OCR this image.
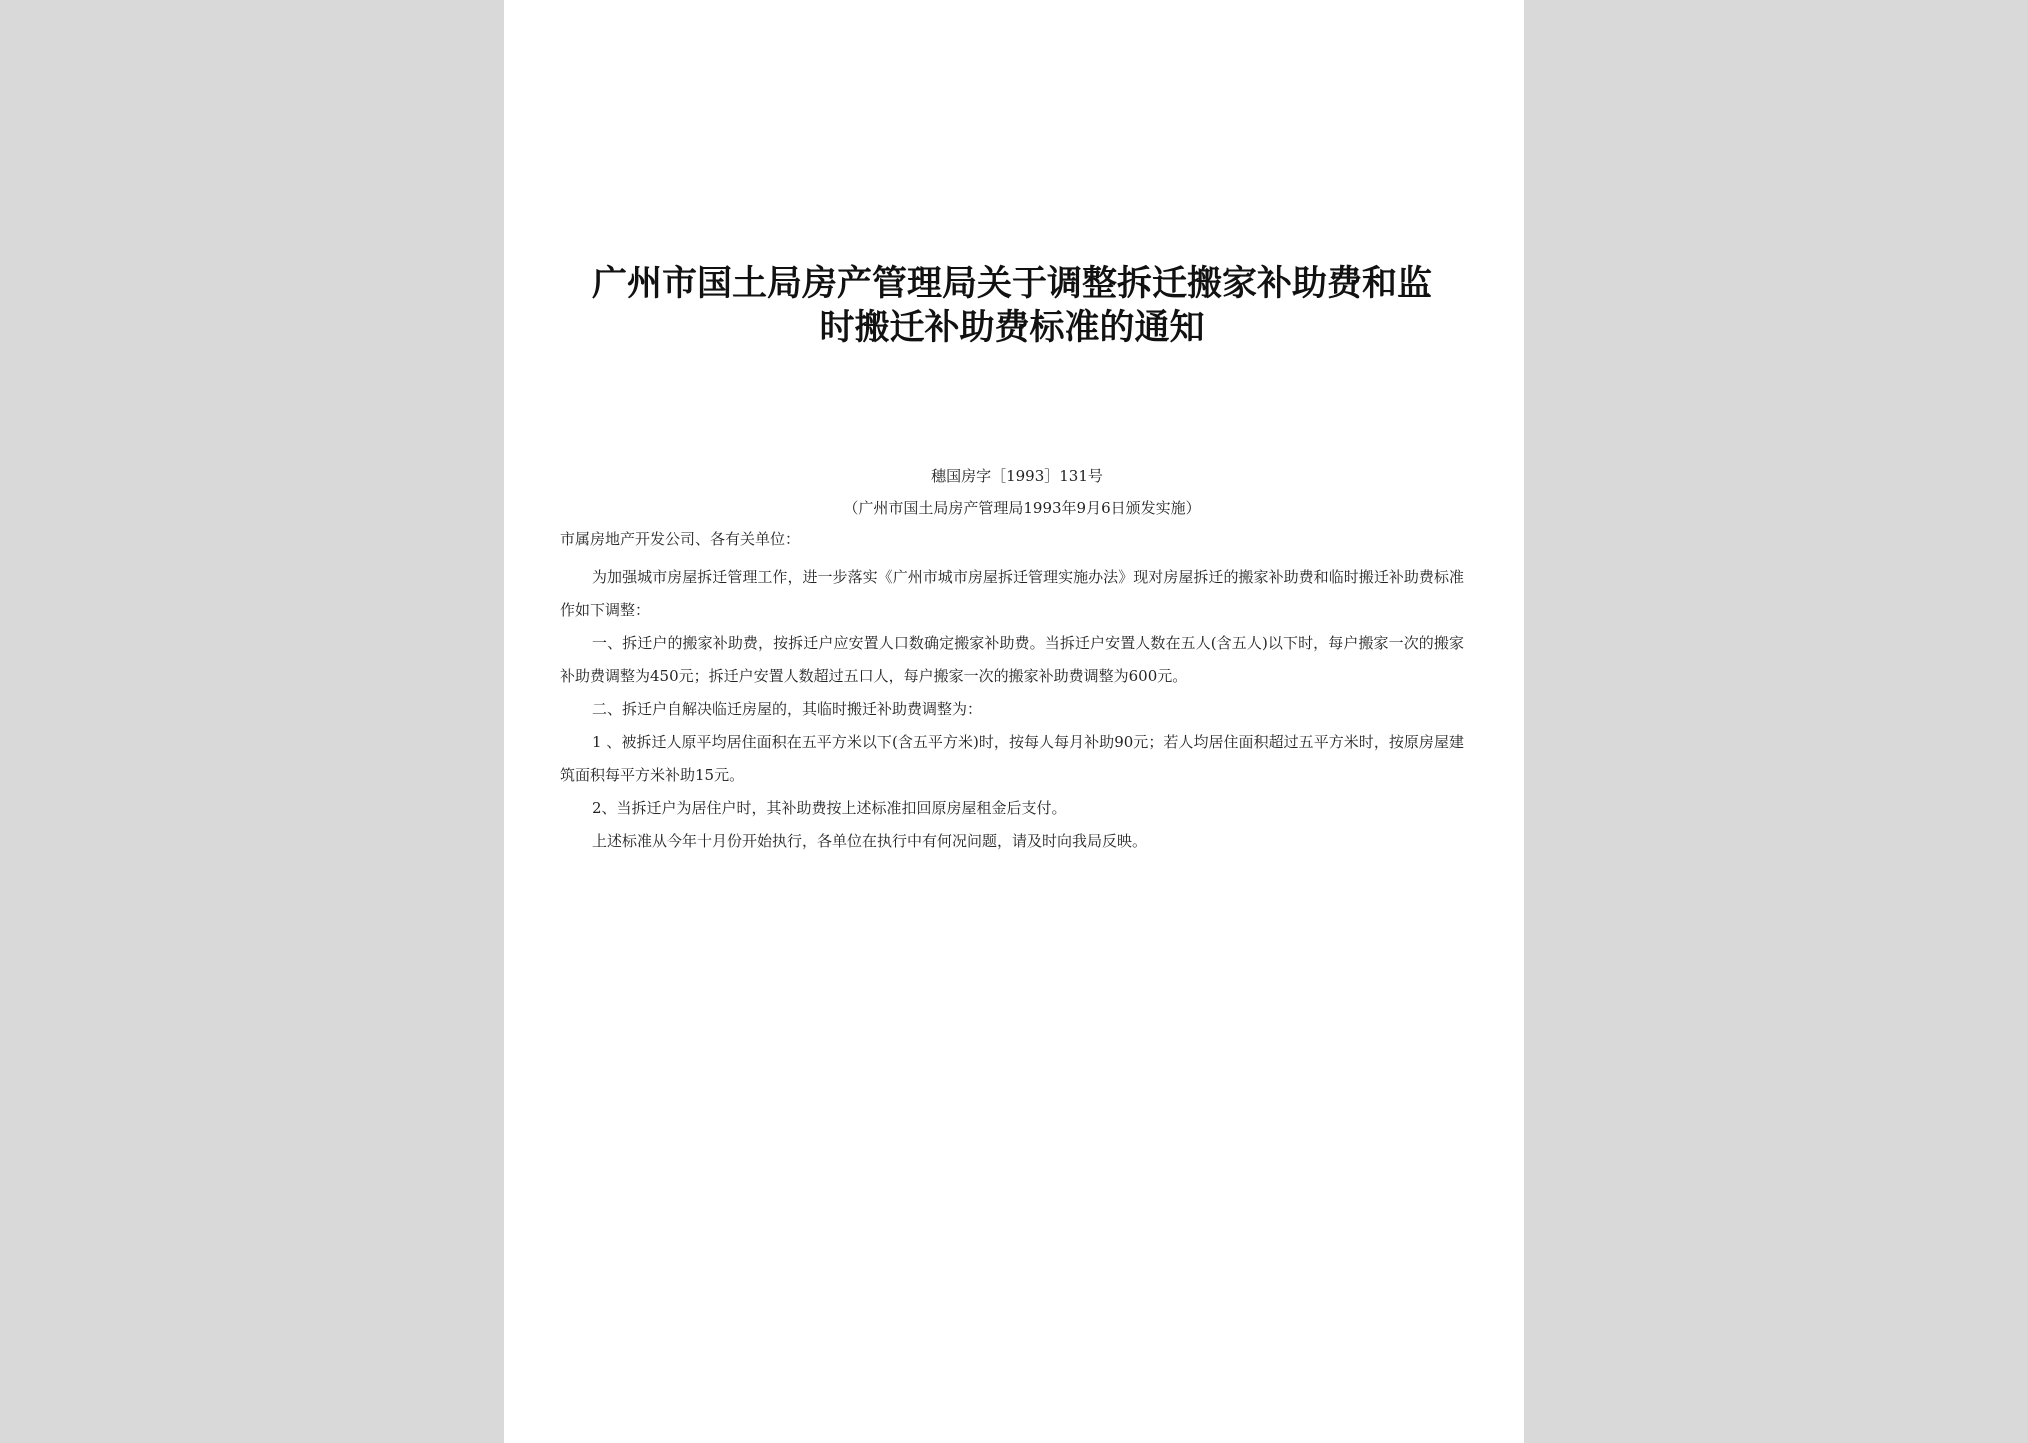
广州市国土局房产管理局关于调整拆迁搬家补助费和监
时搬迁补助费标准的通知
穗国房字［1993］131号
（广州市国土局房产管理局1993年9月6日颁发实施）
市属房地产开发公司、各有关单位：

为加强城市房屋拆迁管理工作，进一步落实《广州市城市房屋拆迁管理实施办法》现对房屋拆迁的搬家补助费和临时搬迁补助费标准作如下调整：

一、拆迁户的搬家补助费，按拆迁户应安置人口数确定搬家补助费。当拆迁户安置人数在五人(含五人)以下时，每户搬家一次的搬家补助费调整为450元；拆迁户安置人数超过五口人，每户搬家一次的搬家补助费调整为600元。

二、拆迁户自解决临迁房屋的，其临时搬迁补助费调整为：

1 、被拆迁人原平均居住面积在五平方米以下(含五平方米)时，按每人每月补助90元；若人均居住面积超过五平方米时，按原房屋建筑面积每平方米补助15元。

2、当拆迁户为居住户时，其补助费按上述标准扣回原房屋租金后支付。

上述标准从今年十月份开始执行，各单位在执行中有何况问题，请及时向我局反映。
